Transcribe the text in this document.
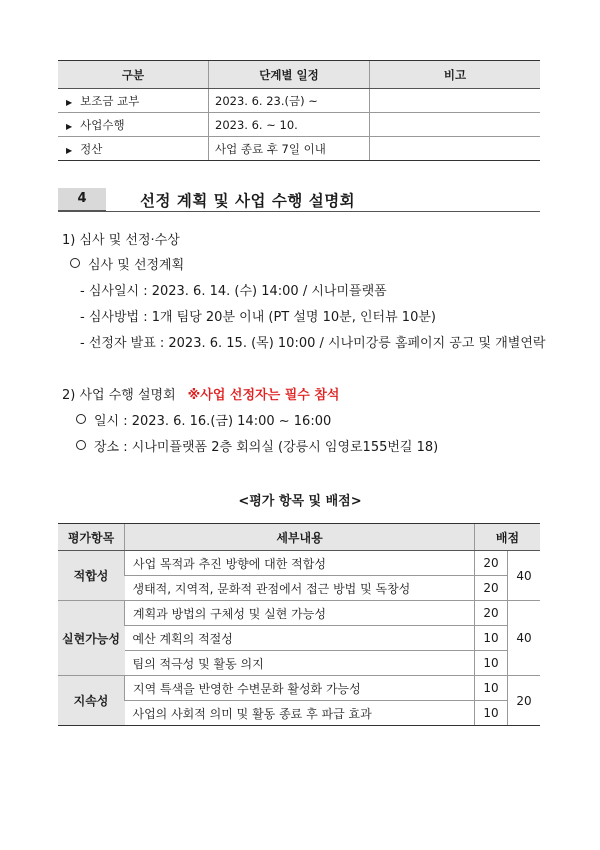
구분	단계별 일정	비고
▶ 보조금 교부	2023. 6. 23.(금) ~	
▶ 사업수행	2023. 6. ~ 10.	
▶ 정산	사업 종료 후 7일 이내	
4	선정 계획 및 사업 수행 설명회
1) 심사 및 선정·수상
심사 및 선정계획
- 심사일시 : 2023. 6. 14. (수) 14:00 / 시나미플랫폼
- 심사방법 : 1개 팀당 20분 이내 (PT 설명 10분, 인터뷰 10분)
- 선정자 발표 : 2023. 6. 15. (목) 10:00 / 시나미강릉 홈페이지 공고 및 개별연락
2) 사업 수행 설명회 ※사업 선정자는 필수 참석
일시 : 2023. 6. 16.(금) 14:00 ~ 16:00
장소 : 시나미플랫폼 2층 회의실 (강릉시 임영로155번길 18)
<평가 항목 및 배점>
평가항목	세부내용	배점	
적합성	사업 목적과 추진 방향에 대한 적합성	20	40
	생태적, 지역적, 문화적 관점에서 접근 방법 및 독창성	20	
실현가능성	계획과 방법의 구체성 및 실현 가능성	20	40
	예산 계획의 적절성	10	
	팀의 적극성 및 활동 의지	10	
지속성	지역 특색을 반영한 수변문화 활성화 가능성	10	20
	사업의 사회적 의미 및 활동 종료 후 파급 효과	10	
